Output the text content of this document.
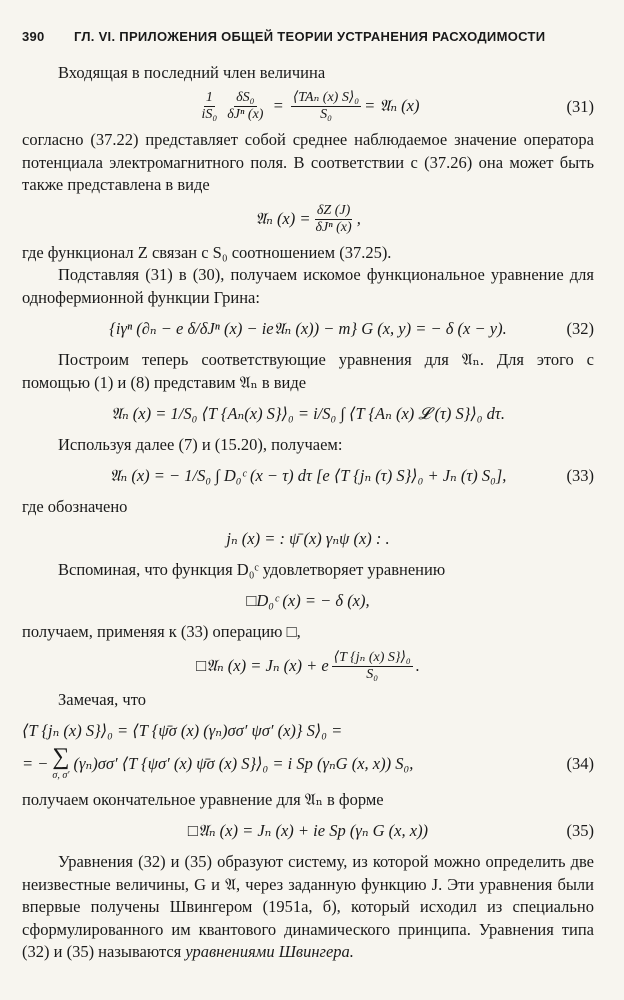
390	ГЛ. VI. ПРИЛОЖЕНИЯ ОБЩЕЙ ТЕОРИИ УСТРАНЕНИЯ РАСХОДИМОСТИ

Входящая в последний член величина

$\frac{1}{\text{iS₀}} \frac{\text{δS₀}}{\text{δJⁿ (x)}} = \frac{\text{⟨TAₙ (x) S⟩₀}}{\text{S₀}}$ = 𝔄ₙ (x)	(31)

согласно (37.22) представляет собой среднее наблюдаемое значение оператора потенциала электромагнитного поля. В соответствии с (37.26) она может быть также представлена в виде

𝔄ₙ $(x) = \frac{\delta Z (J)}{\text{δJⁿ (x)}}$ ,

где функционал Z связан с S₀ соотношением (37.25).

Подставляя (31) в (30), получаем искомое функциональное уравнение для однофермионной функции Грина:

{iγⁿ (∂ₙ − e δ/δJⁿ (x) − ie𝔄ₙ (x)) − m} G (x, y) = − δ (x − y).	(32)

Построим теперь соответствующие уравнения для 𝔄ₙ. Для этого с помощью (1) и (8) представим 𝔄ₙ в виде

𝔄ₙ (x) = 1/S₀ ⟨T {Aₙ(x) S}⟩₀ = i/S₀ ∫ ⟨T {Aₙ (x) 𝓛 (τ) S}⟩₀ dτ.

Используя далее (7) и (15.20), получаем:

𝔄ₙ (x) = − 1/S₀ ∫ D₀ᶜ (x − τ) dτ [e ⟨T {jₙ (τ) S}⟩₀ + Jₙ (τ) S₀],	(33)

где обозначено

jₙ (x) = : ψ̄ (x) γₙψ (x) : .

Вспоминая, что функция D₀ᶜ удовлетворяет уравнению

□D₀ᶜ (x) = − δ (x),

получаем, применяя к (33) операцию □,

□𝔄ₙ (x) = Jₙ (x) + e $\frac{\text{⟨T \{jₙ (x) S\}⟩₀}}{\text{S₀}}$ .

Замечая, что

⟨T {jₙ (x) S}⟩₀ = ⟨T {ψ̄σ (x) (γₙ)σσ′ ψσ′ (x)} S⟩₀ =
= − ∑
σ, σ′
(γₙ)σσ′ ⟨T {ψσ′ (x) ψ̄σ (x) S}⟩₀ = i Sp (γₙG (x, x)) S₀,	(34)

получаем окончательное уравнение для 𝔄ₙ в форме

□𝔄ₙ (x) = Jₙ (x) + ie Sp (γₙ G (x, x))	(35)

Уравнения (32) и (35) образуют систему, из которой можно определить две неизвестные величины, G и 𝔄, через заданную функцию J. Эти уравнения были впервые получены Швингером (1951а, б), который исходил из специально сформулированного им квантового динамического принципа. Уравнения типа (32) и (35) называются уравнениями Швингера.
